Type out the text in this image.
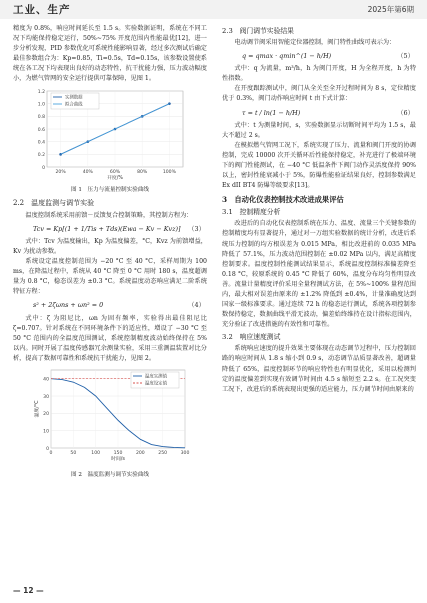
工业、生产	2025年第6期

精度为 0.8%，响应时间延长至 1.5 s。实验数据证明，系统在不同工况下均能保持稳定运行，50%~75% 开度范围内性能最优[12]，进一步分析发现，PID 参数优化可系统性能影响显著，经过多次测试后确定最佳参数组合为：Kp=0.85，Ti=0.5s，Td=0.15s，该参数设置使系统在各工况下均表现出良好的动态特性，抗干扰能力强，压力波动幅度小，为燃气管网的安全运行提供可靠保障，见图 1。

0
0.2
0.4
0.6
0.8
1.0
1.2
20%	40%	60%	80%	100%
开度/%
实测数据
拟合曲线
图 1　压力与流量控制实验曲线
2.2　温度监测与调节实验

温度控制系统采用前馈－反馈复合控制策略，其控制方程为：

Tcv = Kp[(1 + 1/Tis + Tds)(Ewa − Kv − Kvz)] （3）

式中：Tcv 为温度输出，Kp 为温度偏差，°C，Kvz 为前馈增益，Kv 为扰动参数。

系统设定温度控制范围为 −20 °C 至 40 °C，采样周期为 100 ms，在降温过程中，系统从 40 °C 降至 0 °C 用时 180 s，温度超调量为 0.8 °C，稳态误差为 ±0.3 °C。系统温度动态响应满足二阶系统特征方程：

s² + 2ζωns + ωn² = 0	（4）

式中：ζ 为阻尼比，ωn 为固有频率，实验得出最佳阻尼比 ζ=0.707。针对系统在不同环境条件下的适应性，增设了 −30 °C 至 50 °C 范围内的全温度范围测试，系统控制精度波动始终保持在 5% 以内。同时开展了温度传感器冗余测量实验，采用三重测温装置对比分析，提高了数据可靠性和系统抗干扰能力，见图 2。

0
10
20
30
40
0	50	100	150	200	250	300
时间/s
温度/°C
温度实测值
温度设定值
图 2　温度监测与调节实验曲线
2.3　阀门调节实验结果

电动调节阀采用智能定位器控制，阀门特性曲线可表示为：

q = qmax · qmin^(1 − h/H)	（5）

式中：q 为流量，m³/h，h 为阀门开度，H 为全程开度，h 为特性指数。

在开度跟踪测试中，阀门从全关至全开过程时间为 8 s，定位精度优于 0.3%，阀门动作响应时间 t 由下式计算：

τ = t / ln(1 − h/H)	（6）

式中：t 为测量时间，s，实验数据显示切断时间平均为 1.5 s，最大不超过 2 s。

在模拟燃气管网工况下，系统实现了压力、流量和阀门开度的协调控制，完成 10000 次开关循环后性能保持稳定，补充进行了极端环境下的阀门性能测试，在 −40 °C 低温条件下阀门动作灵活度保持 90% 以上，密封性能衰减小于 5%，防爆性能验证结果良好，控制参数满足 Ex dII BT4 防爆等级要求[13]。

3　自动化仪表控制技术改进成果评估
3.1　控制精度分析

改进后的自动化仪表控制系统在压力、温度、流量三个关键参数的控制精度均有显著提升，通过对一万组实验数据的统计分析，改进后系统压力控制的均方根误差为 0.015 MPa，相比改进前的 0.035 MPa 降低了 57.1%，压力波动范围控制在 ±0.02 MPa 以内，满足高精度控制要求。温度控制性能测试结果显示，系统温度控制标准偏差降至 0.18 °C，较原系统的 0.45 °C 降低了 60%，温度分布均匀性明显改善。流量计量精度评价采用全量程测试方法，在 5%~100% 量程范围内，最大相对误差由原来的 ±1.2% 降低到 ±0.4%，计量准确度达到国家一级标准要求。通过连续 72 h 的稳态运行测试，系统各项控制参数保持稳定，数据曲线平滑无波动，偏差始终维持在设计指标范围内，充分验证了改进措施的有效性和可靠性。

3.2　响应速度测试

系统响应速度的提升效果主要体现在动态调节过程中，压力控制回路的响应时间从 1.8 s 缩小到 0.9 s，动态调节品质显著改善，超调量降低了 65%，温度控制环节的响应特性也有明显优化，采用以检测判定的温度偏差到实现有效调节时间由 4.5 s 缩短至 2.2 s。在工况突变工况下，改进后的系统表现出更强的适应能力，压力调节时间由原来的

— 12 —
